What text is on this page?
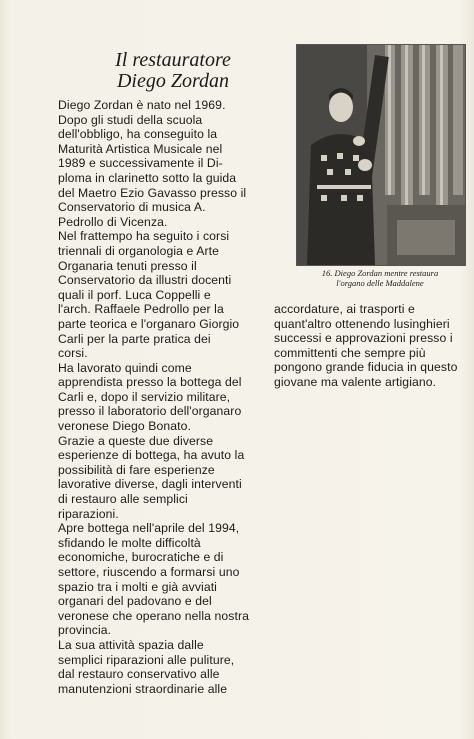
Il restauratore
Diego Zordan

Diego Zordan è nato nel 1969.

Dopo gli studi della scuola

dell'obbligo, ha conseguito la

Maturità Artistica Musicale nel

1989 e successivamente il Di-

ploma in clarinetto sotto la guida

del Maetro Ezio Gavasso presso il

Conservatorio di musica A.

Pedrollo di Vicenza.

Nel frattempo ha seguito i corsi

triennali di organologia e Arte

Organaria tenuti presso il

Conservatorio da illustri docenti

quali il porf. Luca Coppelli e

l'arch. Raffaele Pedrollo per la

parte teorica e l'organaro Giorgio

Carli per la parte pratica dei

corsi.

Ha lavorato quindi come

apprendista presso la bottega del

Carli e, dopo il servizio militare,

presso il laboratorio dell'organaro

veronese Diego Bonato.

Grazie a queste due diverse

esperienze di bottega, ha avuto la

possibilità di fare esperienze

lavorative diverse, dagli interventi

di restauro alle semplici

riparazioni.

Apre bottega nell'aprile del 1994,

sfidando le molte difficoltà

economiche, burocratiche e di

settore, riuscendo a formarsi uno

spazio tra i molti e già avviati

organari del padovano e del

veronese che operano nella nostra

provincia.

La sua attività spazia dalle

semplici riparazioni alle puliture,

dal restauro conservativo alle

manutenzioni straordinarie alle

16. Diego Zordan mentre restaura
l'organo delle Maddalene

accordature, ai trasporti e

quant'altro ottenendo lusinghieri

successi e approvazioni presso i

committenti che sempre più

pongono grande fiducia in questo

giovane ma valente artigiano.
